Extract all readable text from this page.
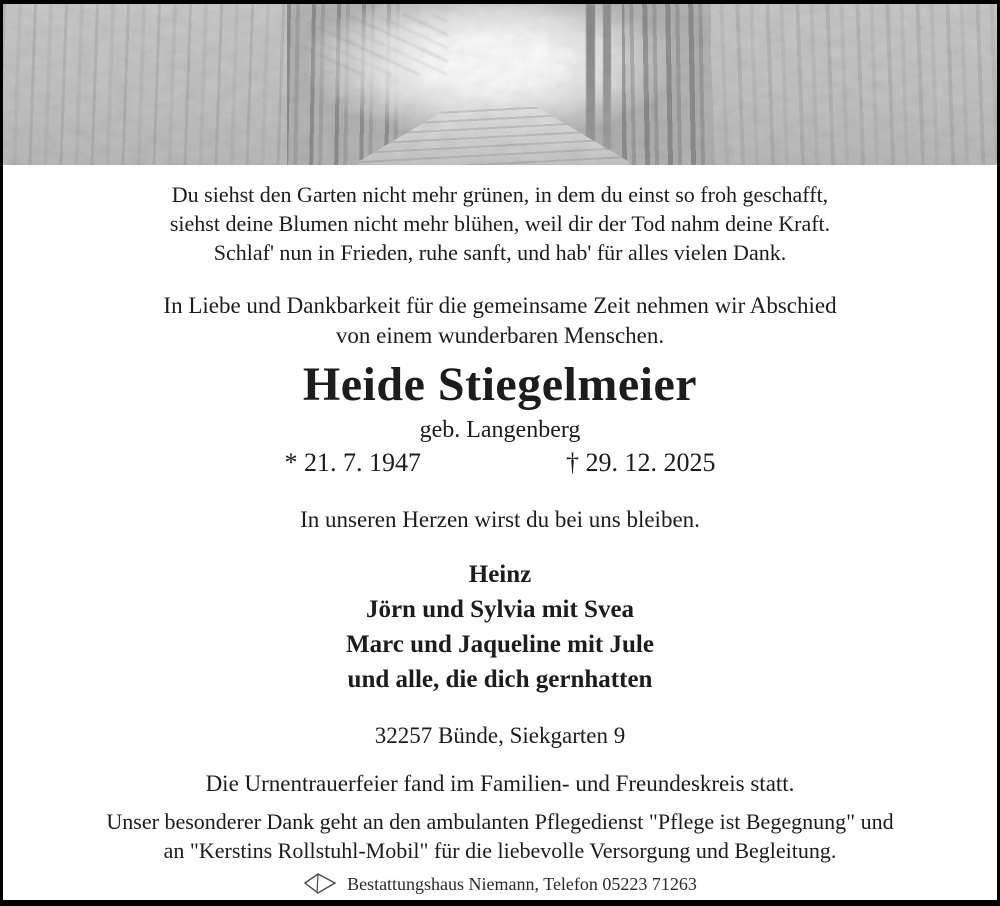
Du siehst den Garten nicht mehr grünen, in dem du einst so froh geschafft,
siehst deine Blumen nicht mehr blühen, weil dir der Tod nahm deine Kraft.
Schlaf' nun in Frieden, ruhe sanft, und hab' für alles vielen Dank.
In Liebe und Dankbarkeit für die gemeinsame Zeit nehmen wir Abschied
von einem wunderbaren Menschen.
Heide Stiegelmeier
geb. Langenberg
* 21. 7. 1947	† 29. 12. 2025
In unseren Herzen wirst du bei uns bleiben.
Heinz
Jörn und Sylvia mit Svea
Marc und Jaqueline mit Jule
und alle, die dich gernhatten
32257 Bünde, Siekgarten 9
Die Urnentrauerfeier fand im Familien- und Freundeskreis statt.
Unser besonderer Dank geht an den ambulanten Pflegedienst "Pflege ist Begegnung" und
an "Kerstins Rollstuhl-Mobil" für die liebevolle Versorgung und Begleitung.
Bestattungshaus Niemann, Telefon 05223 71263
